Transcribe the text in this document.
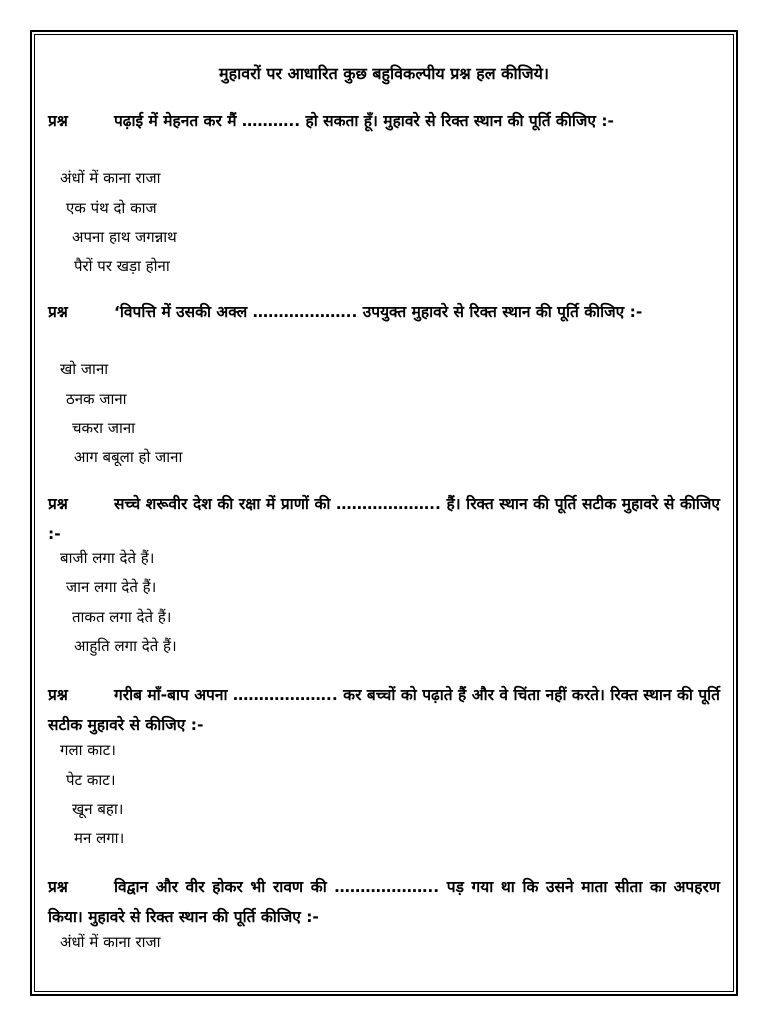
मुहावरों पर आधारित कुछ बहुविकल्पीय प्रश्न हल कीजिये।
प्रश्न	पढ़ाई में मेहनत कर मैं ……….. हो सकता हूँ। मुहावरे से रिक्त स्थान की पूर्ति कीजिए :-
अंधों में काना राजा
एक पंथ दो काज
अपना हाथ जगन्नाथ
पैरों पर खड़ा होना
प्रश्न	‘विपत्ति में उसकी अक्ल ……………….. उपयुक्त मुहावरे से रिक्त स्थान की पूर्ति कीजिए :-
खो जाना
ठनक जाना
चकरा जाना
आग बबूला हो जाना
प्रश्न	सच्चे शरूवीर देश की रक्षा में प्राणों की ……………….. हैं। रिक्त स्थान की पूर्ति सटीक मुहावरे से कीजिए :-
बाजी लगा देते हैं।
जान लगा देते हैं।
ताकत लगा देते हैं।
आहुति लगा देते हैं।
प्रश्न	गरीब माँ-बाप अपना ……………….. कर बच्चों को पढ़ाते हैं और वे चिंता नहीं करते। रिक्त स्थान की पूर्ति सटीक मुहावरे से कीजिए :-
गला काट।
पेट काट।
खून बहा।
मन लगा।
प्रश्न	विद्वान और वीर होकर भी रावण की ……………….. पड़ गया था कि उसने माता सीता का अपहरण किया। मुहावरे से रिक्त स्थान की पूर्ति कीजिए :-
अंधों में काना राजा
